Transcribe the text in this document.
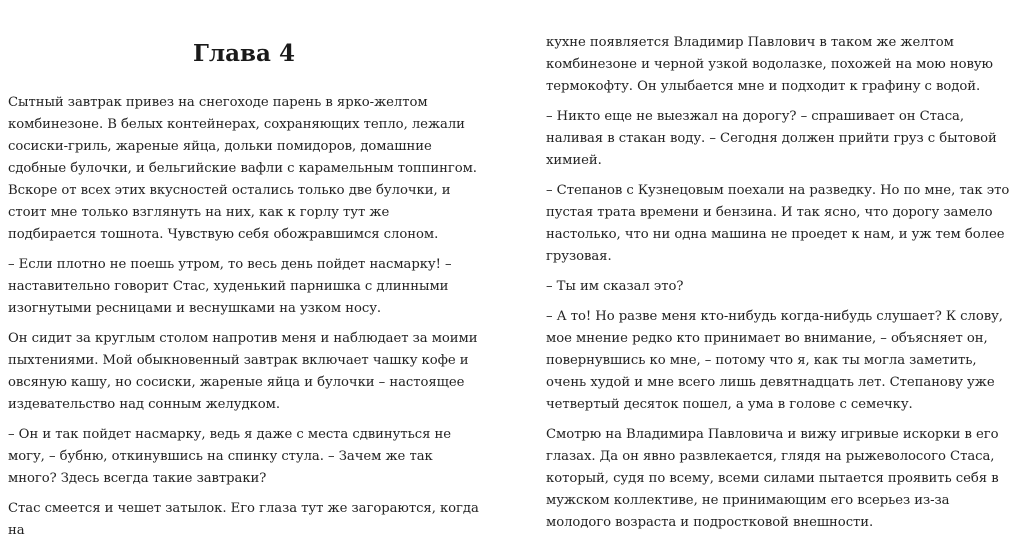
Глава 4

Сытный завтрак привез на снегоходе парень в ярко-желтом комбинезоне. В белых контейнерах, сохраняющих тепло, лежали сосиски-гриль, жареные яйца, дольки помидоров, домашние сдобные булочки, и бельгийские вафли с карамельным топпингом. Вскоре от всех этих вкусностей остались только две булочки, и стоит мне только взглянуть на них, как к горлу тут же подбирается тошнота. Чувствую себя обожравшимся слоном.

– Если плотно не поешь утром, то весь день пойдет насмарку! – наставительно говорит Стас, худенький парнишка с длинными изогнутыми ресницами и веснушками на узком носу.

Он сидит за круглым столом напротив меня и наблюдает за моими пыхтениями. Мой обыкновенный завтрак включает чашку кофе и овсяную кашу, но сосиски, жареные яйца и булочки – настоящее издевательство над сонным желудком.

– Он и так пойдет насмарку, ведь я даже с места сдвинуться не могу, – бубню, откинувшись на спинку стула. – Зачем же так много? Здесь всегда такие завтраки?

Стас смеется и чешет затылок. Его глаза тут же загораются, когда на

кухне появляется Владимир Павлович в таком же желтом комбинезоне и черной узкой водолазке, похожей на мою новую термокофту. Он улыбается мне и подходит к графину с водой.

– Никто еще не выезжал на дорогу? – спрашивает он Стаса, наливая в стакан воду. – Сегодня должен прийти груз с бытовой химией.

– Степанов с Кузнецовым поехали на разведку. Но по мне, так это пустая трата времени и бензина. И так ясно, что дорогу замело настолько, что ни одна машина не проедет к нам, и уж тем более грузовая.

– Ты им сказал это?

– А то! Но разве меня кто-нибудь когда-нибудь слушает? К слову, мое мнение редко кто принимает во внимание, – объясняет он, повернувшись ко мне, – потому что я, как ты могла заметить, очень худой и мне всего лишь девятнадцать лет. Степанову уже четвертый десяток пошел, а ума в голове с семечку.

Смотрю на Владимира Павловича и вижу игривые искорки в его глазах. Да он явно развлекается, глядя на рыжеволосого Стаса, который, судя по всему, всеми силами пытается проявить себя в мужском коллективе, не принимающим его всерьез из-за молодого возраста и подростковой внешности.
